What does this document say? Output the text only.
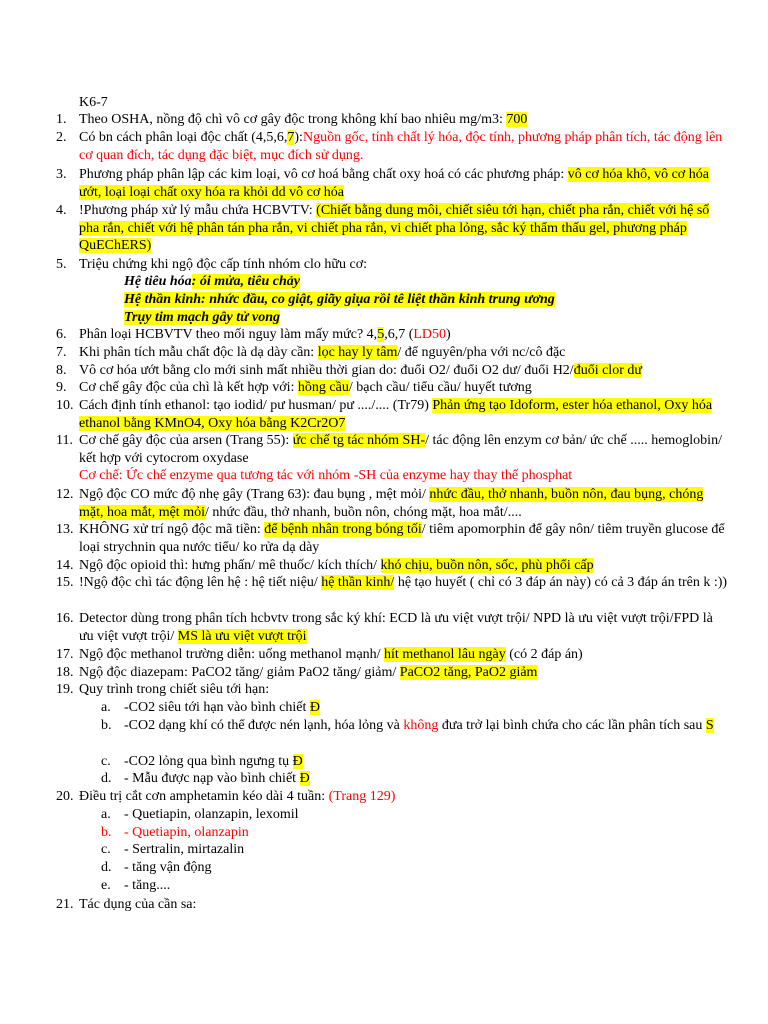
K6-7
1. Theo OSHA, nồng độ chì vô cơ gây độc trong không khí bao nhiêu mg/m3: 700
2. Có bn cách phân loại độc chất (4,5,6,7):Nguồn gốc, tính chất lý hóa, độc tính, phương pháp phân tích, tác động lên cơ quan đích, tác dụng đặc biệt, mục đích sử dụng.
3. Phương pháp phân lập các kim loại, vô cơ hoá bằng chất oxy hoá có các phương pháp: vô cơ hóa khô, vô cơ hóa ướt, loại loại chất oxy hóa ra khỏi dd vô cơ hóa
4. !Phương pháp xử lý mẫu chứa HCBVTV: (Chiết bằng dung môi, chiết siêu tới hạn, chiết pha rắn, chiết với hệ số pha rắn, chiết với hệ phân tán pha rắn, vi chiết pha rắn, vi chiết pha lỏng, sắc ký thẩm thấu gel, phương pháp QuEChERS)
5. Triệu chứng khi ngộ độc cấp tính nhóm clo hữu cơ:
Hệ tiêu hóa: ói mửa, tiêu chảy
Hệ thần kinh: nhức đầu, co giật, giãy giụa rồi tê liệt thần kinh trung ương
Trụy tim mạch gây tử vong
6. Phân loại HCBVTV theo mối nguy làm mấy mức? 4,5,6,7 (LD50)
7. Khi phân tích mẫu chất độc là dạ dày cần: lọc hay ly tâm/ để nguyên/pha với nc/cô đặc
8. Vô cơ hóa ướt bằng clo mới sinh mất nhiều thời gian do: đuổi O2/ đuổi O2 dư/ đuổi H2/đuổi clor dư
9. Cơ chế gây độc của chì là kết hợp với: hồng cầu/ bạch cầu/ tiểu cầu/ huyết tương
10. Cách định tính ethanol: tạo iodid/ pư husman/ pư ..../.... (Tr79) Phản ứng tạo Idoform, ester hóa ethanol, Oxy hóa ethanol bằng KMnO4, Oxy hóa bằng K2Cr2O7
11. Cơ chế gây độc của arsen (Trang 55): ức chế tg tác nhóm SH-/ tác động lên enzym cơ bản/ ức chế ..... hemoglobin/ kết hợp với cytocrom oxydase
Cơ chế: Ức chế enzyme qua tương tác với nhóm -SH của enzyme hay thay thế phosphat
12. Ngộ độc CO mức độ nhẹ gây (Trang 63): đau bụng , mệt mỏi/ nhức đầu, thở nhanh, buồn nôn, đau bụng, chóng mặt, hoa mắt, mệt mỏi/ nhức đầu, thở nhanh, buồn nôn, chóng mặt, hoa mắt/....
13. KHÔNG xử trí ngộ độc mã tiền: để bệnh nhân trong bóng tối/ tiêm apomorphin để gây nôn/ tiêm truyền glucose để loại strychnin qua nước tiểu/ ko rửa dạ dày
14. Ngộ độc opioid thì: hưng phấn/ mê thuốc/ kích thích/ khó chịu, buồn nôn, sốc, phù phổi cấp
15. !Ngộ độc chì tác động lên hệ : hệ tiết niệu/ hệ thần kinh/ hệ tạo huyết ( chỉ có 3 đáp án này) có cả 3 đáp án trên k :))
16. Detector dùng trong phân tích hcbvtv trong sắc ký khí: ECD là ưu việt vượt trội/ NPD là ưu việt vượt trội/FPD là ưu việt vượt trội/ MS là ưu việt vượt trội
17. Ngộ độc methanol trường diễn: uống methanol mạnh/ hít methanol lâu ngày (có 2 đáp án)
18. Ngộ độc diazepam: PaCO2 tăng/ giảm PaO2 tăng/ giảm/ PaCO2 tăng, PaO2 giảm
19. Quy trình trong chiết siêu tới hạn:
a. -CO2 siêu tới hạn vào bình chiết Đ
b. -CO2 dạng khí có thể được nén lạnh, hóa lỏng và không đưa trở lại bình chứa cho các lần phân tích sau S
c. -CO2 lỏng qua bình ngưng tụ Đ
d. - Mẫu được nạp vào bình chiết Đ
20. Điều trị cắt cơn amphetamin kéo dài 4 tuần: (Trang 129)
a. - Quetiapin, olanzapin, lexomil
b. - Quetiapin, olanzapin
c. - Sertralin, mirtazalin
d. - tăng vận động
e. - tăng....
21. Tác dụng của cần sa:
